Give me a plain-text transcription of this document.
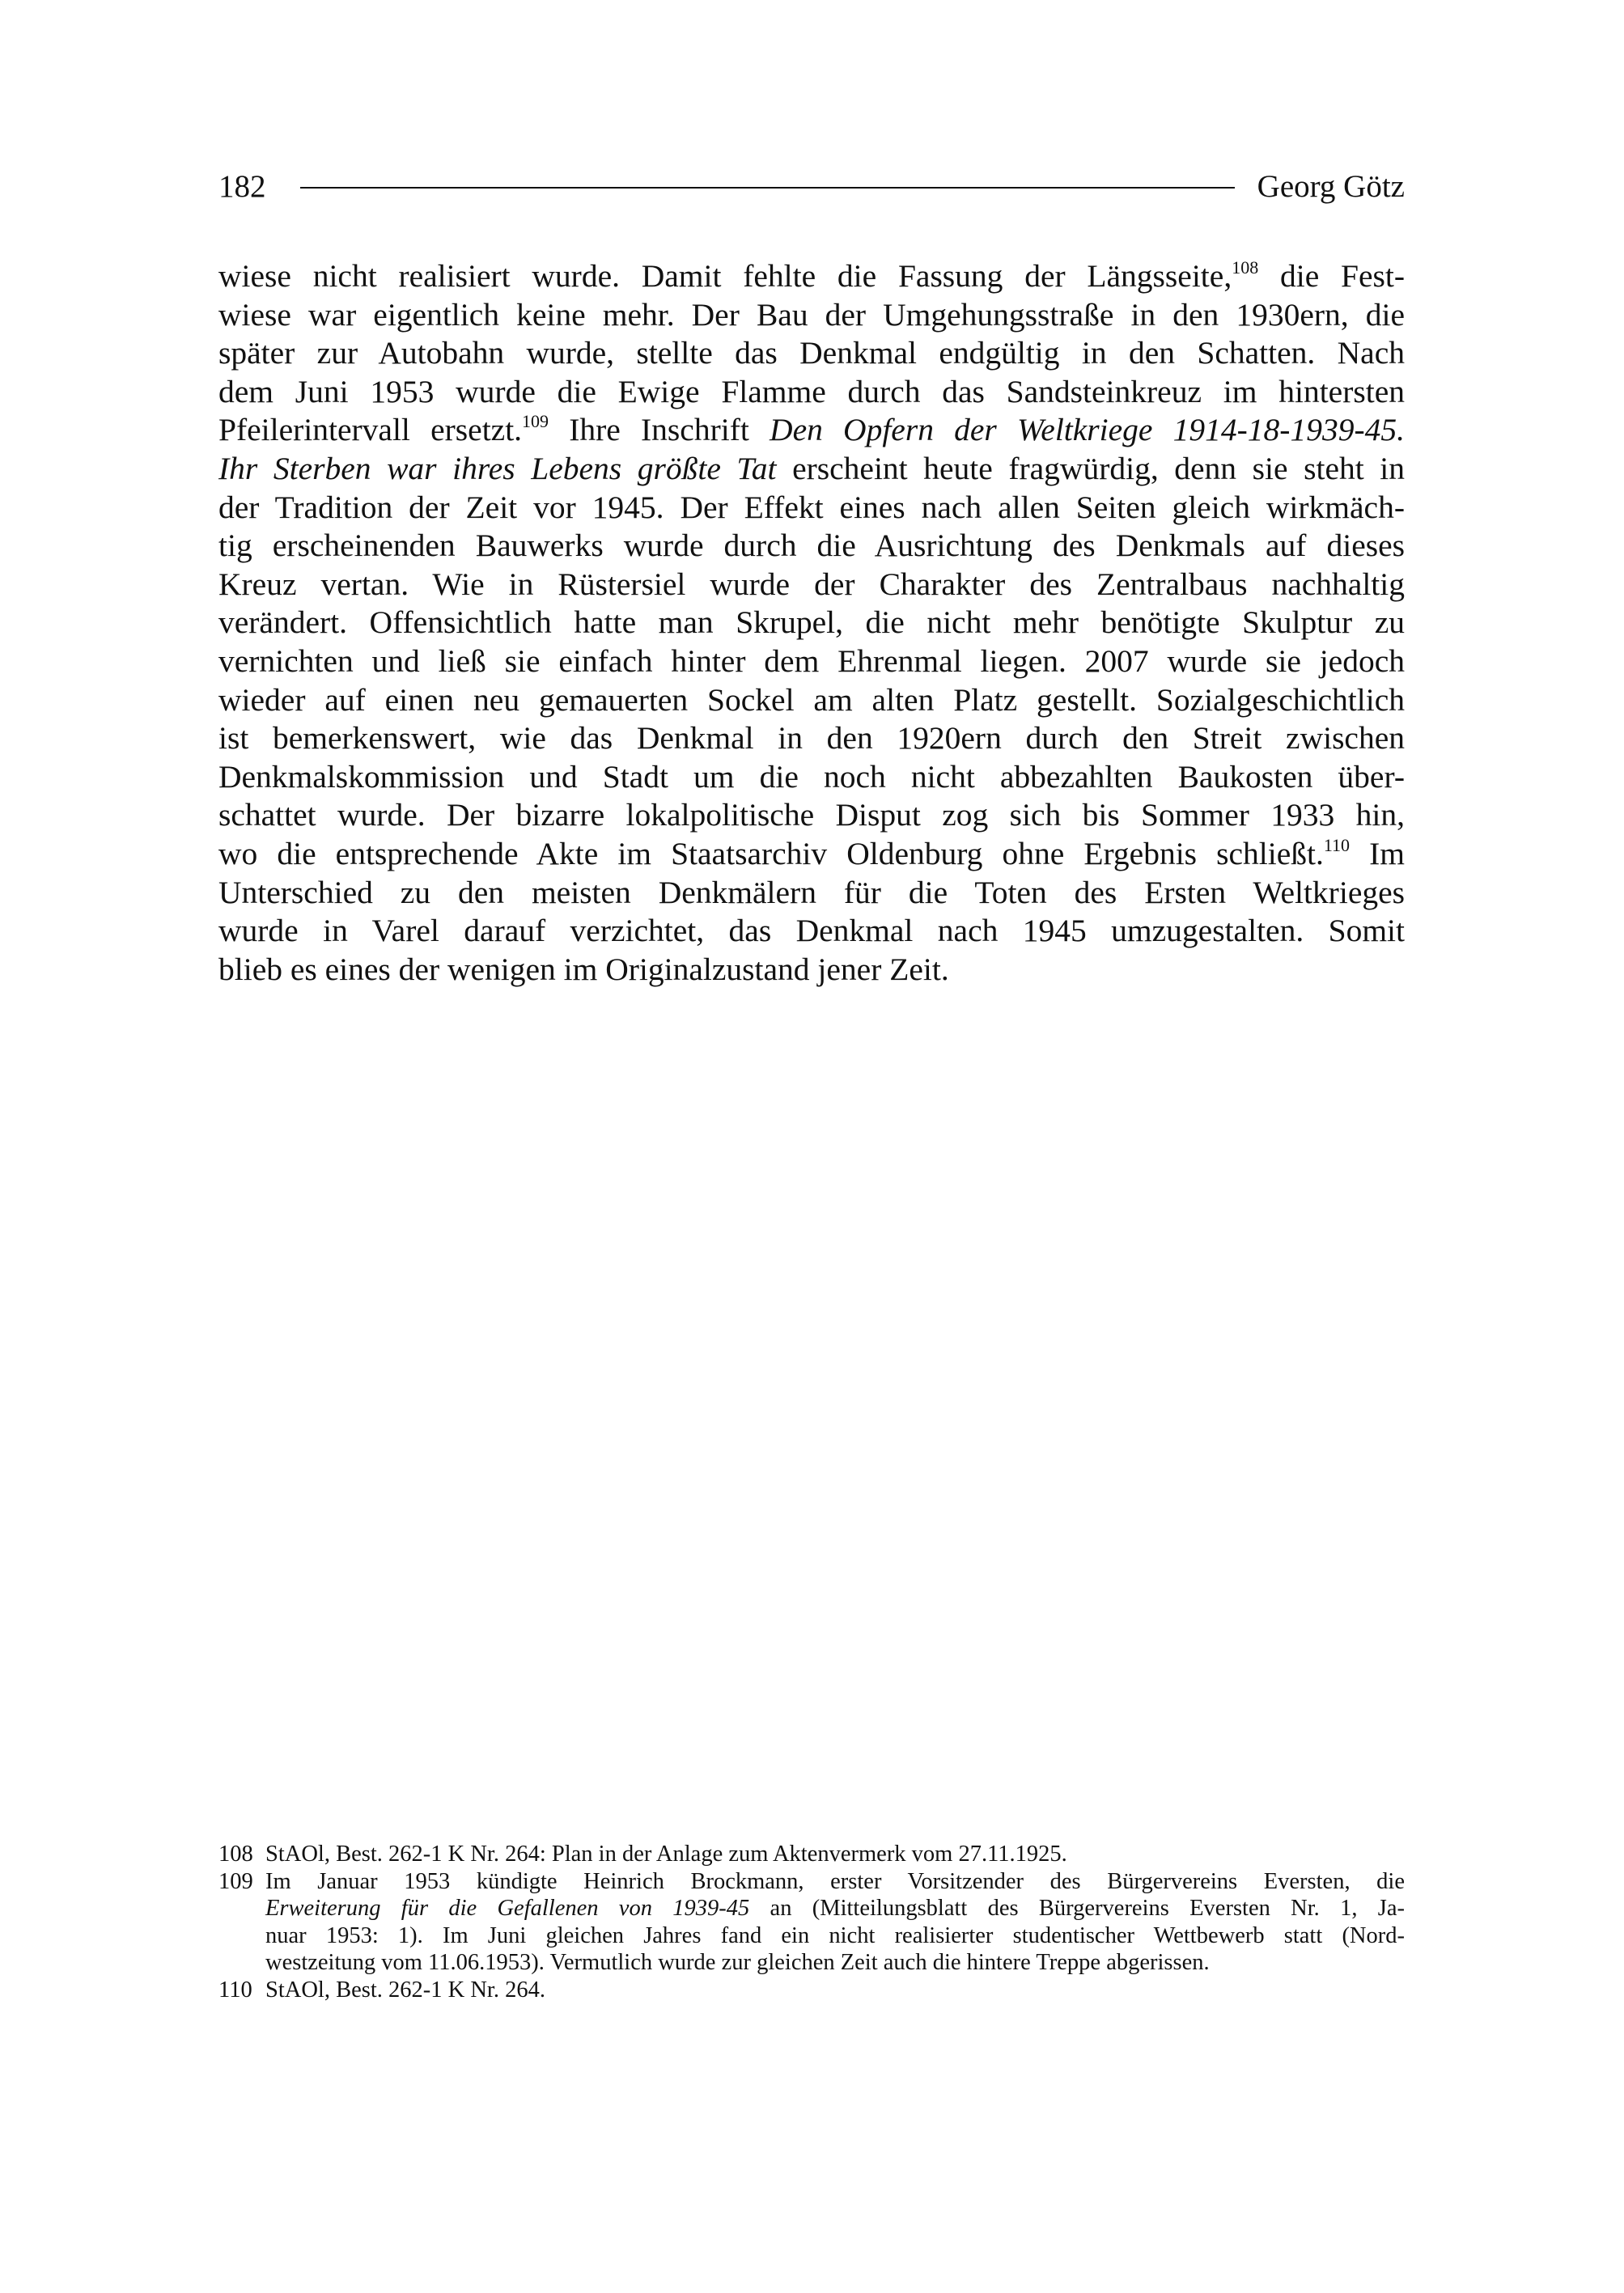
182	Georg Götz
wiese nicht realisiert wurde. Damit fehlte die Fassung der Längsseite,$^{108}$ die Fest-
wiese war eigentlich keine mehr. Der Bau der Umgehungsstraße in den 1930ern, die
später zur Autobahn wurde, stellte das Denkmal endgültig in den Schatten. Nach
dem Juni 1953 wurde die Ewige Flamme durch das Sandsteinkreuz im hintersten
Pfeilerintervall ersetzt.$^{109}$ Ihre Inschrift Den Opfern der Weltkriege 1914-18-1939-45.
Ihr Sterben war ihres Lebens größte Tat erscheint heute fragwürdig, denn sie steht in
der Tradition der Zeit vor 1945. Der Effekt eines nach allen Seiten gleich wirkmäch-
tig erscheinenden Bauwerks wurde durch die Ausrichtung des Denkmals auf dieses
Kreuz vertan. Wie in Rüstersiel wurde der Charakter des Zentralbaus nachhaltig
verändert. Offensichtlich hatte man Skrupel, die nicht mehr benötigte Skulptur zu
vernichten und ließ sie einfach hinter dem Ehrenmal liegen. 2007 wurde sie jedoch
wieder auf einen neu gemauerten Sockel am alten Platz gestellt. Sozialgeschichtlich
ist bemerkenswert, wie das Denkmal in den 1920ern durch den Streit zwischen
Denkmalskommission und Stadt um die noch nicht abbezahlten Baukosten über-
schattet wurde. Der bizarre lokalpolitische Disput zog sich bis Sommer 1933 hin,
wo die entsprechende Akte im Staatsarchiv Oldenburg ohne Ergebnis schließt.$^{110}$ Im
Unterschied zu den meisten Denkmälern für die Toten des Ersten Weltkrieges
wurde in Varel darauf verzichtet, das Denkmal nach 1945 umzugestalten. Somit
blieb es eines der wenigen im Originalzustand jener Zeit.
108 StAOl, Best. 262-1 K Nr. 264: Plan in der Anlage zum Aktenvermerk vom 27.11.1925.
109 Im Januar 1953 kündigte Heinrich Brockmann, erster Vorsitzender des Bürgervereins Eversten, die
Erweiterung für die Gefallenen von 1939-45 an (Mitteilungsblatt des Bürgervereins Eversten Nr. 1, Ja-
nuar 1953: 1). Im Juni gleichen Jahres fand ein nicht realisierter studentischer Wettbewerb statt (Nord-
westzeitung vom 11.06.1953). Vermutlich wurde zur gleichen Zeit auch die hintere Treppe abgerissen.
110 StAOl, Best. 262-1 K Nr. 264.
